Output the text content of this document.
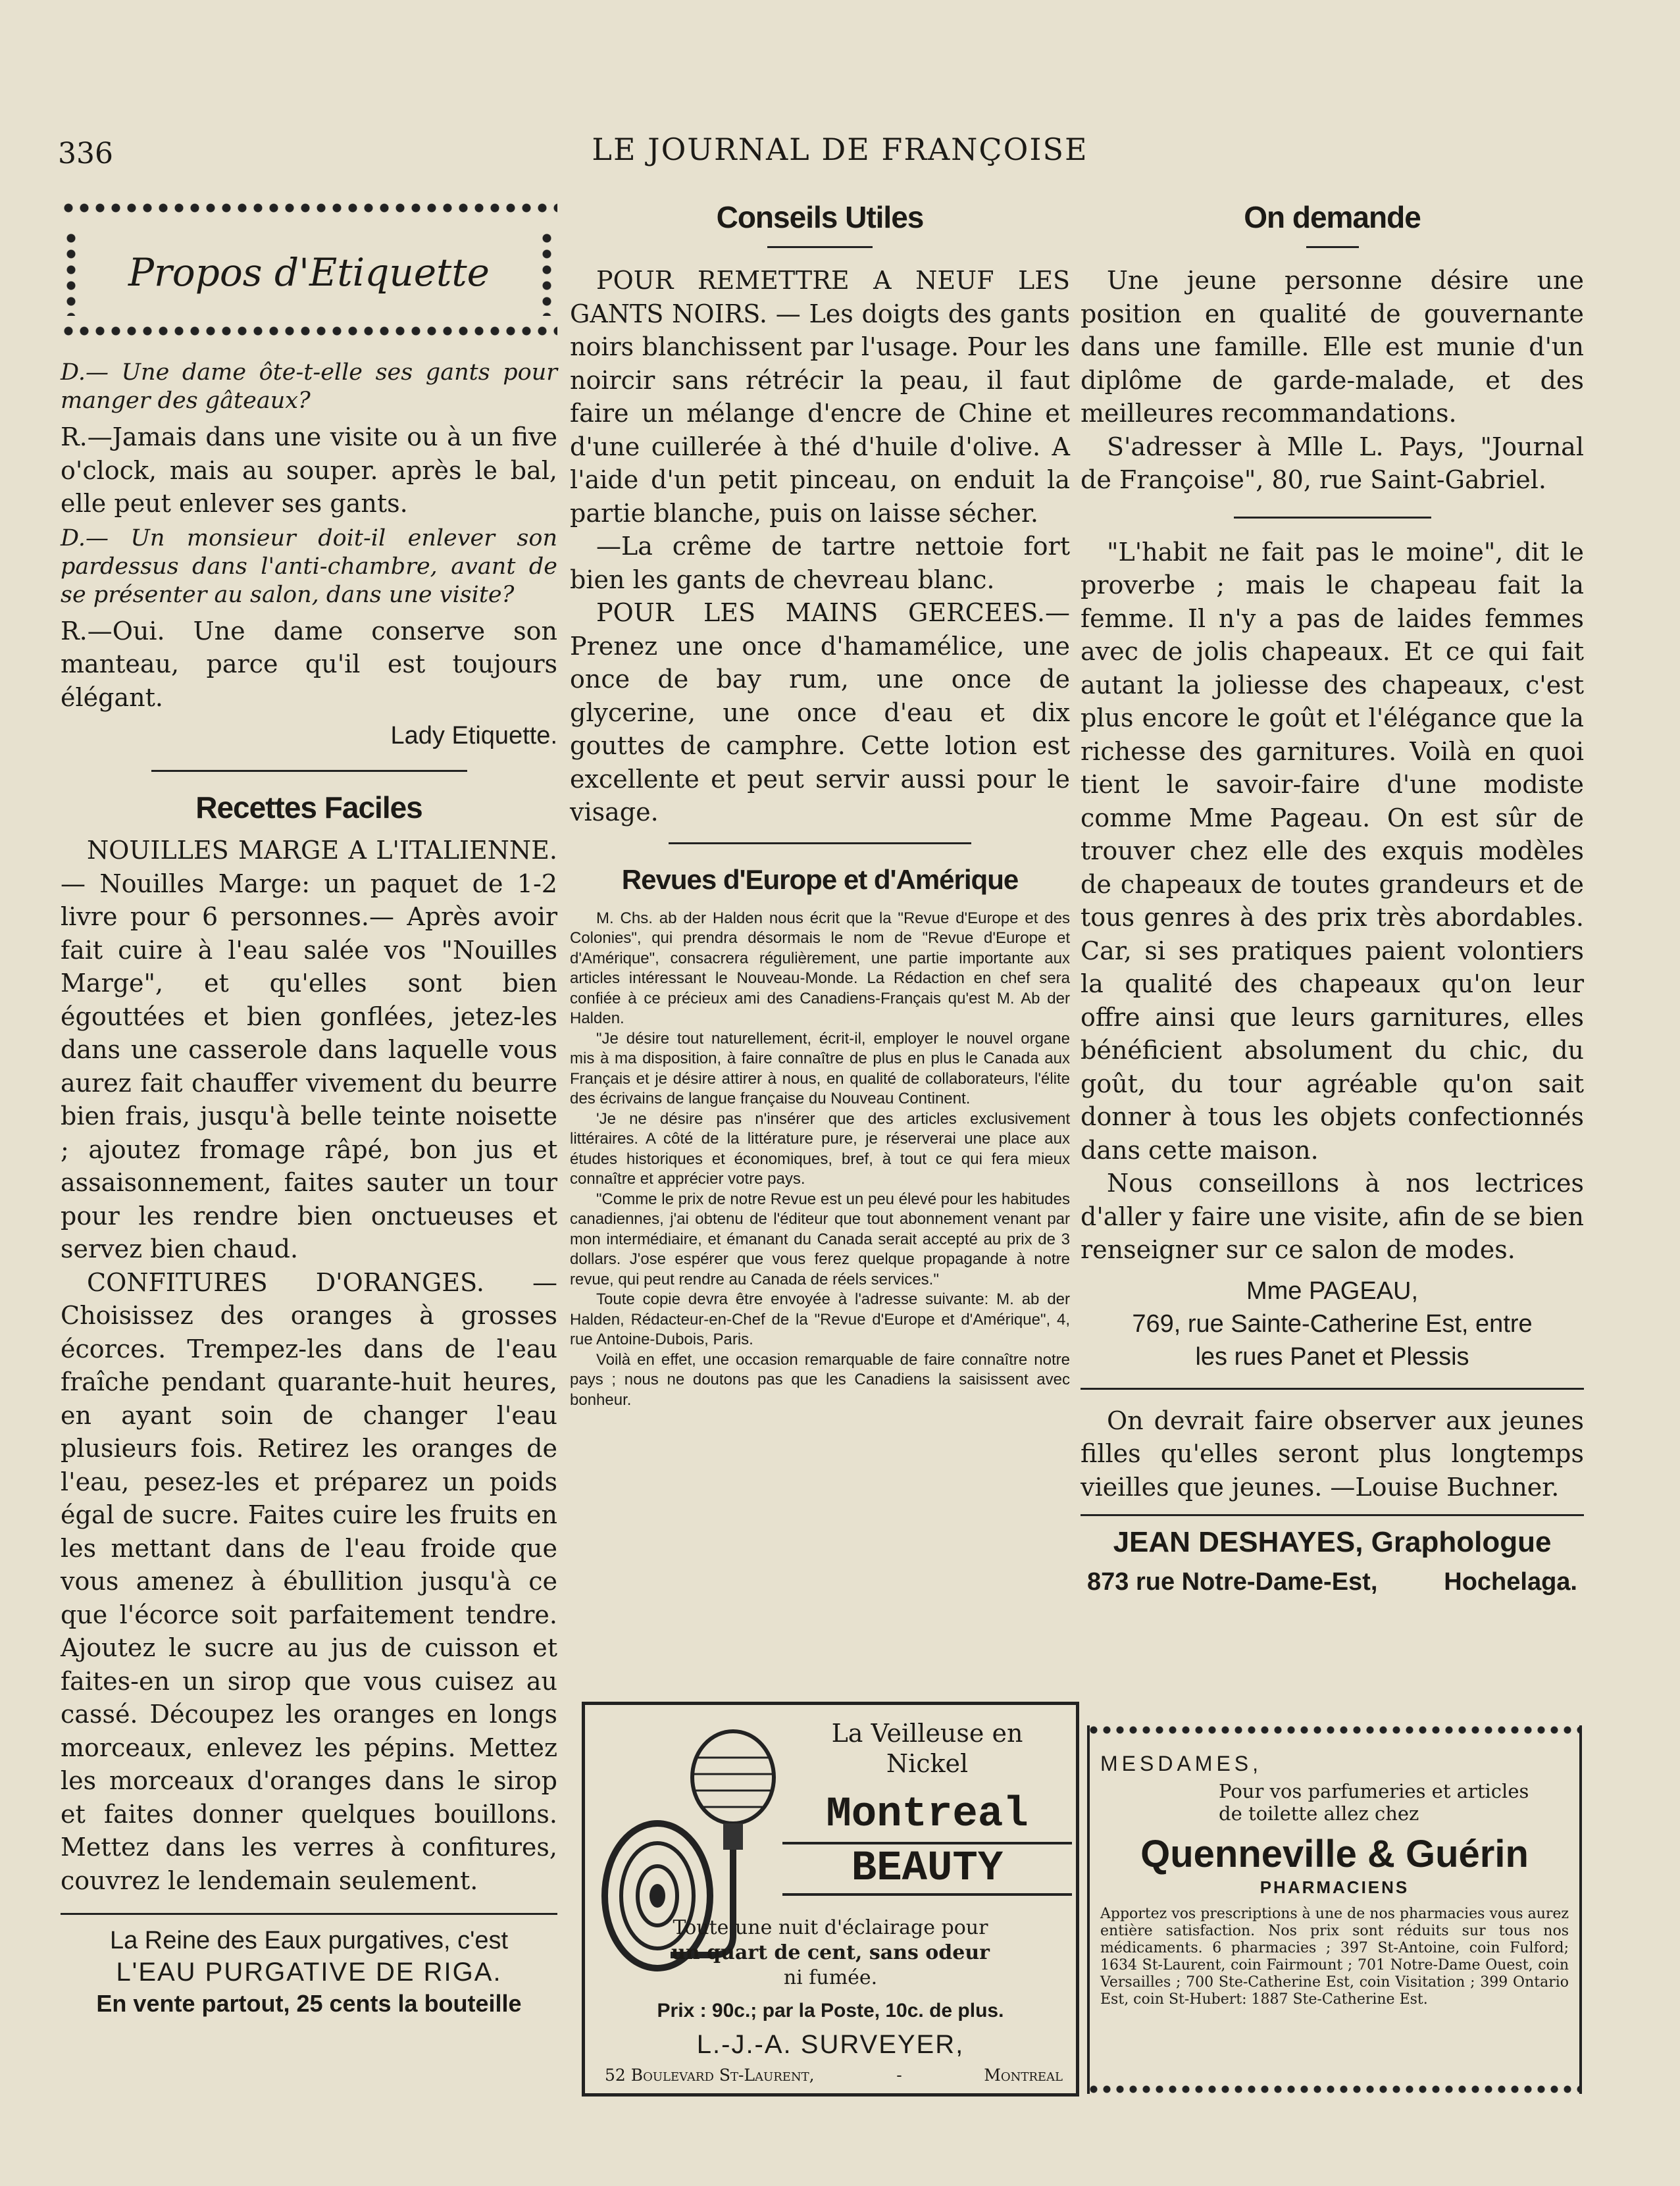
336	LE JOURNAL DE FRANÇOISE
Propos d'Etiquette

D.— Une dame ôte-t-elle ses gants pour manger des gâteaux?

R.—Jamais dans une visite ou à un five o'clock, mais au souper. après le bal, elle peut enlever ses gants.

D.— Un monsieur doit-il enlever son pardessus dans l'anti-chambre, avant de se présenter au salon, dans une visite?

R.—Oui. Une dame conserve son manteau, parce qu'il est toujours élégant.

Lady Etiquette.

Recettes Faciles

NOUILLES MARGE A L'ITALIENNE. — Nouilles Marge: un paquet de 1-2 livre pour 6 personnes.— Après avoir fait cuire à l'eau salée vos "Nouilles Marge", et qu'elles sont bien égouttées et bien gonflées, jetez-les dans une casserole dans laquelle vous aurez fait chauffer vivement du beurre bien frais, jusqu'à belle teinte noisette ; ajoutez fromage râpé, bon jus et assaisonnement, faites sauter un tour pour les rendre bien onctueuses et servez bien chaud.

CONFITURES D'ORANGES. — Choisissez des oranges à grosses écorces. Trempez-les dans de l'eau fraîche pendant quarante-huit heures, en ayant soin de changer l'eau plusieurs fois. Retirez les oranges de l'eau, pesez-les et préparez un poids égal de sucre. Faites cuire les fruits en les mettant dans de l'eau froide que vous amenez à ébullition jusqu'à ce que l'écorce soit parfaitement tendre. Ajoutez le sucre au jus de cuisson et faites-en un sirop que vous cuisez au cassé. Découpez les oranges en longs morceaux, enlevez les pépins. Mettez les morceaux d'oranges dans le sirop et faites donner quelques bouillons. Mettez dans les verres à confitures, couvrez le lendemain seulement.

La Reine des Eaux purgatives, c'est
L'EAU PURGATIVE DE RIGA.
En vente partout, 25 cents la bouteille
Conseils Utiles

POUR REMETTRE A NEUF LES GANTS NOIRS. — Les doigts des gants noirs blanchissent par l'usage. Pour les noircir sans rétrécir la peau, il faut faire un mélange d'encre de Chine et d'une cuillerée à thé d'huile d'olive. A l'aide d'un petit pinceau, on enduit la partie blanche, puis on laisse sécher.

—La crême de tartre nettoie fort bien les gants de chevreau blanc.

POUR LES MAINS GERCEES.— Prenez une once d'hamamélice, une once de bay rum, une once de glycerine, une once d'eau et dix gouttes de camphre. Cette lotion est excellente et peut servir aussi pour le visage.

Revues d'Europe et d'Amérique

M. Chs. ab der Halden nous écrit que la "Revue d'Europe et des Colonies", qui prendra désormais le nom de "Revue d'Europe et d'Amérique", consacrera régulièrement, une partie importante aux articles intéressant le Nouveau-Monde. La Rédaction en chef sera confiée à ce précieux ami des Canadiens-Français qu'est M. Ab der Halden.

"Je désire tout naturellement, écrit-il, employer le nouvel organe mis à ma disposition, à faire connaître de plus en plus le Canada aux Français et je désire attirer à nous, en qualité de collaborateurs, l'élite des écrivains de langue française du Nouveau Continent.

'Je ne désire pas n'insérer que des articles exclusivement littéraires. A côté de la littérature pure, je réserverai une place aux études historiques et économiques, bref, à tout ce qui fera mieux connaître et apprécier votre pays.

"Comme le prix de notre Revue est un peu élevé pour les habitudes canadiennes, j'ai obtenu de l'éditeur que tout abonnement venant par mon intermédiaire, et émanant du Canada serait accepté au prix de 3 dollars. J'ose espérer que vous ferez quelque propagande à notre revue, qui peut rendre au Canada de réels services."

Toute copie devra être envoyée à l'adresse suivante: M. ab der Halden, Rédacteur-en-Chef de la "Revue d'Europe et d'Amérique", 4, rue Antoine-Dubois, Paris.

Voilà en effet, une occasion remarquable de faire connaître notre pays ; nous ne doutons pas que les Canadiens la saisissent avec bonheur.

La Veilleuse en
Nickel
Montreal
BEAUTY
Toute une nuit d'éclairage pour
un quart de cent, sans odeur
ni fumée.
Prix : 90c.; par la Poste, 10c. de plus.
L.-J.-A. SURVEYER,
52 Boulevard St-Laurent,	-	Montreal
On demande

Une jeune personne désire une position en qualité de gouvernante dans une famille. Elle est munie d'un diplôme de garde-malade, et des meilleures recommandations.

S'adresser à Mlle L. Pays, "Journal de Françoise", 80, rue Saint-Gabriel.

"L'habit ne fait pas le moine", dit le proverbe ; mais le chapeau fait la femme. Il n'y a pas de laides femmes avec de jolis chapeaux. Et ce qui fait autant la joliesse des chapeaux, c'est plus encore le goût et l'élégance que la richesse des garnitures. Voilà en quoi tient le savoir-faire d'une modiste comme Mme Pageau. On est sûr de trouver chez elle des exquis modèles de chapeaux de toutes grandeurs et de tous genres à des prix très abordables. Car, si ses pratiques paient volontiers la qualité des chapeaux qu'on leur offre ainsi que leurs garnitures, elles bénéficient absolument du chic, du goût, du tour agréable qu'on sait donner à tous les objets confectionnés dans cette maison.

Nous conseillons à nos lectrices d'aller y faire une visite, afin de se bien renseigner sur ce salon de modes.

Mme PAGEAU,
769, rue Sainte-Catherine Est, entre
les rues Panet et Plessis

On devrait faire observer aux jeunes filles qu'elles seront plus longtemps vieilles que jeunes. —Louise Buchner.

JEAN DESHAYES, Graphologue
873 rue Notre-Dame-Est,	Hochelaga.
MESDAMES,
Pour vos parfumeries et articles
de toilette allez chez
Quenneville & Guérin
PHARMACIENS
Apportez vos prescriptions à une de nos pharmacies vous aurez entière satisfaction. Nos prix sont réduits sur tous nos médicaments. 6 pharmacies ; 397 St-Antoine, coin Fulford; 1634 St-Laurent, coin Fairmount ; 701 Notre-Dame Ouest, coin Versailles ; 700 Ste-Catherine Est, coin Visitation ; 399 Ontario Est, coin St-Hubert: 1887 Ste-Catherine Est.
